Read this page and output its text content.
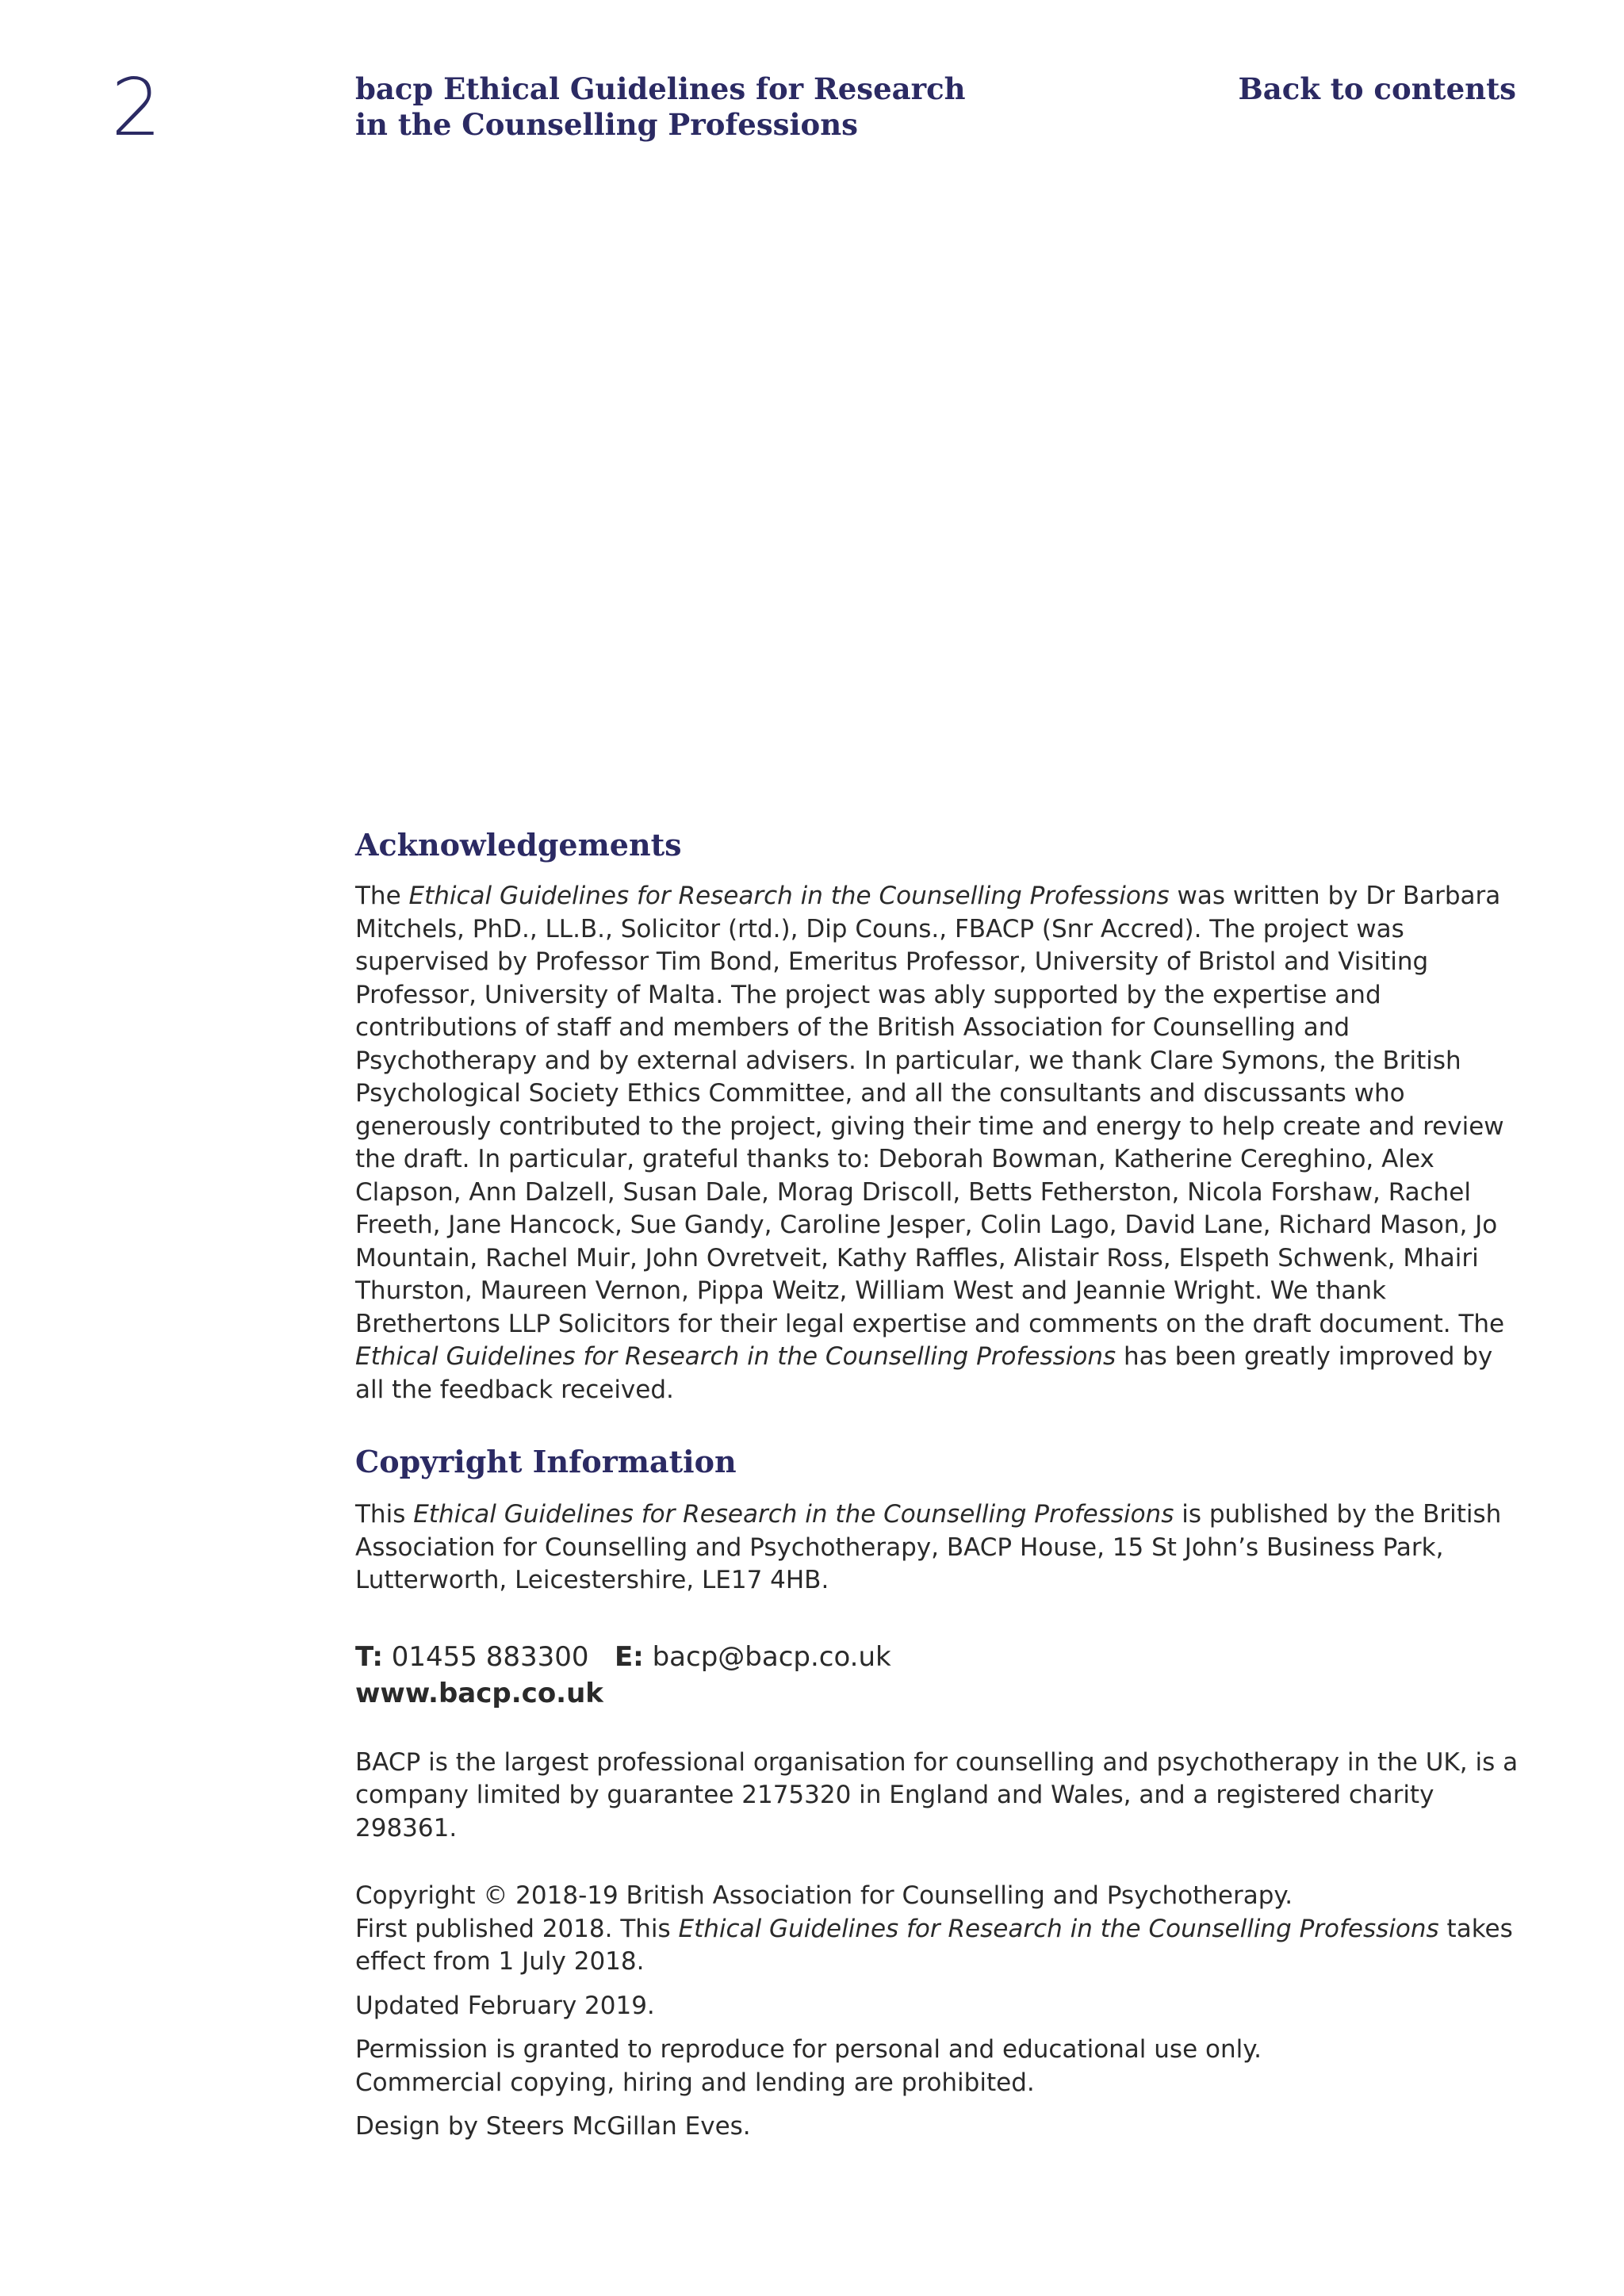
2	bacp Ethical Guidelines for Research
in the Counselling Professions
Back to contents
Acknowledgements

The Ethical Guidelines for Research in the Counselling Professions was written by Dr Barbara Mitchels, PhD., LL.B., Solicitor (rtd.), Dip Couns., FBACP (Snr Accred). The project was supervised by Professor Tim Bond, Emeritus Professor, University of Bristol and Visiting Professor, University of Malta. The project was ably supported by the expertise and contributions of staff and members of the British Association for Counselling and Psychotherapy and by external advisers. In particular, we thank Clare Symons, the British Psychological Society Ethics Committee, and all the consultants and discussants who generously contributed to the project, giving their time and energy to help create and review the draft. In particular, grateful thanks to: Deborah Bowman, Katherine Cereghino, Alex Clapson, Ann Dalzell, Susan Dale, Morag Driscoll, Betts Fetherston, Nicola Forshaw, Rachel Freeth, Jane Hancock, Sue Gandy, Caroline Jesper, Colin Lago, David Lane, Richard Mason, Jo Mountain, Rachel Muir, John Ovretveit, Kathy Raffles, Alistair Ross, Elspeth Schwenk, Mhairi Thurston, Maureen Vernon, Pippa Weitz, William West and Jeannie Wright. We thank Brethertons LLP Solicitors for their legal expertise and comments on the draft document. The Ethical Guidelines for Research in the Counselling Professions has been greatly improved by all the feedback received.

Copyright Information

This Ethical Guidelines for Research in the Counselling Professions is published by the British Association for Counselling and Psychotherapy, BACP House, 15 St John’s Business Park, Lutterworth, Leicestershire, LE17 4HB.

T: 01455 883300 E: bacp@bacp.co.uk
www.bacp.co.uk

BACP is the largest professional organisation for counselling and psychotherapy in the UK, is a company limited by guarantee 2175320 in England and Wales, and a registered charity 298361.

Copyright © 2018-19 British Association for Counselling and Psychotherapy.
First published 2018. This Ethical Guidelines for Research in the Counselling Professions takes effect from 1 July 2018.

Updated February 2019.

Permission is granted to reproduce for personal and educational use only.
Commercial copying, hiring and lending are prohibited.

Design by Steers McGillan Eves.
